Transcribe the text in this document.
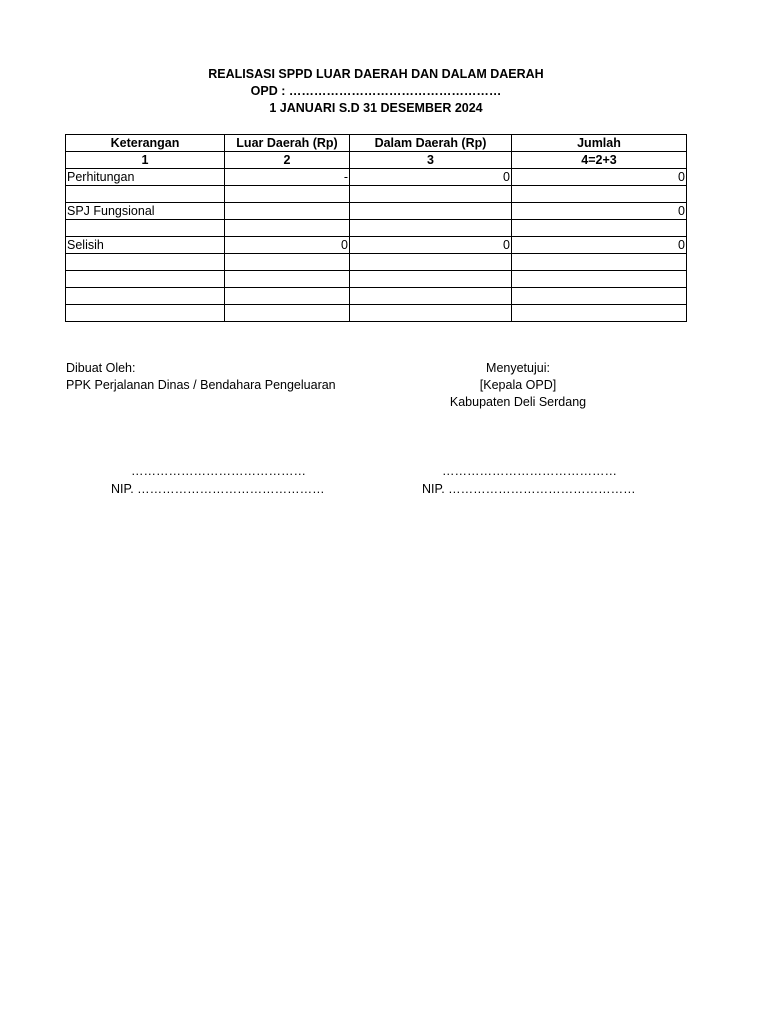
REALISASI SPPD LUAR DAERAH DAN DALAM DAERAH
OPD : ……………………………………………
1 JANUARI S.D 31 DESEMBER 2024
Keterangan	Luar Daerah (Rp)	Dalam Daerah (Rp)	Jumlah
1	2	3	4=2+3
Perhitungan	-	0	0

SPJ Fungsional			0

Selisih	0	0	0

Dibuat Oleh:
PPK Perjalanan Dinas / Bendahara Pengeluaran
Menyetujui:
[Kepala OPD]
Kabupaten Deli Serdang
……………………………………
NIP. ………………………………………
……………………………………
NIP. ………………………………………
